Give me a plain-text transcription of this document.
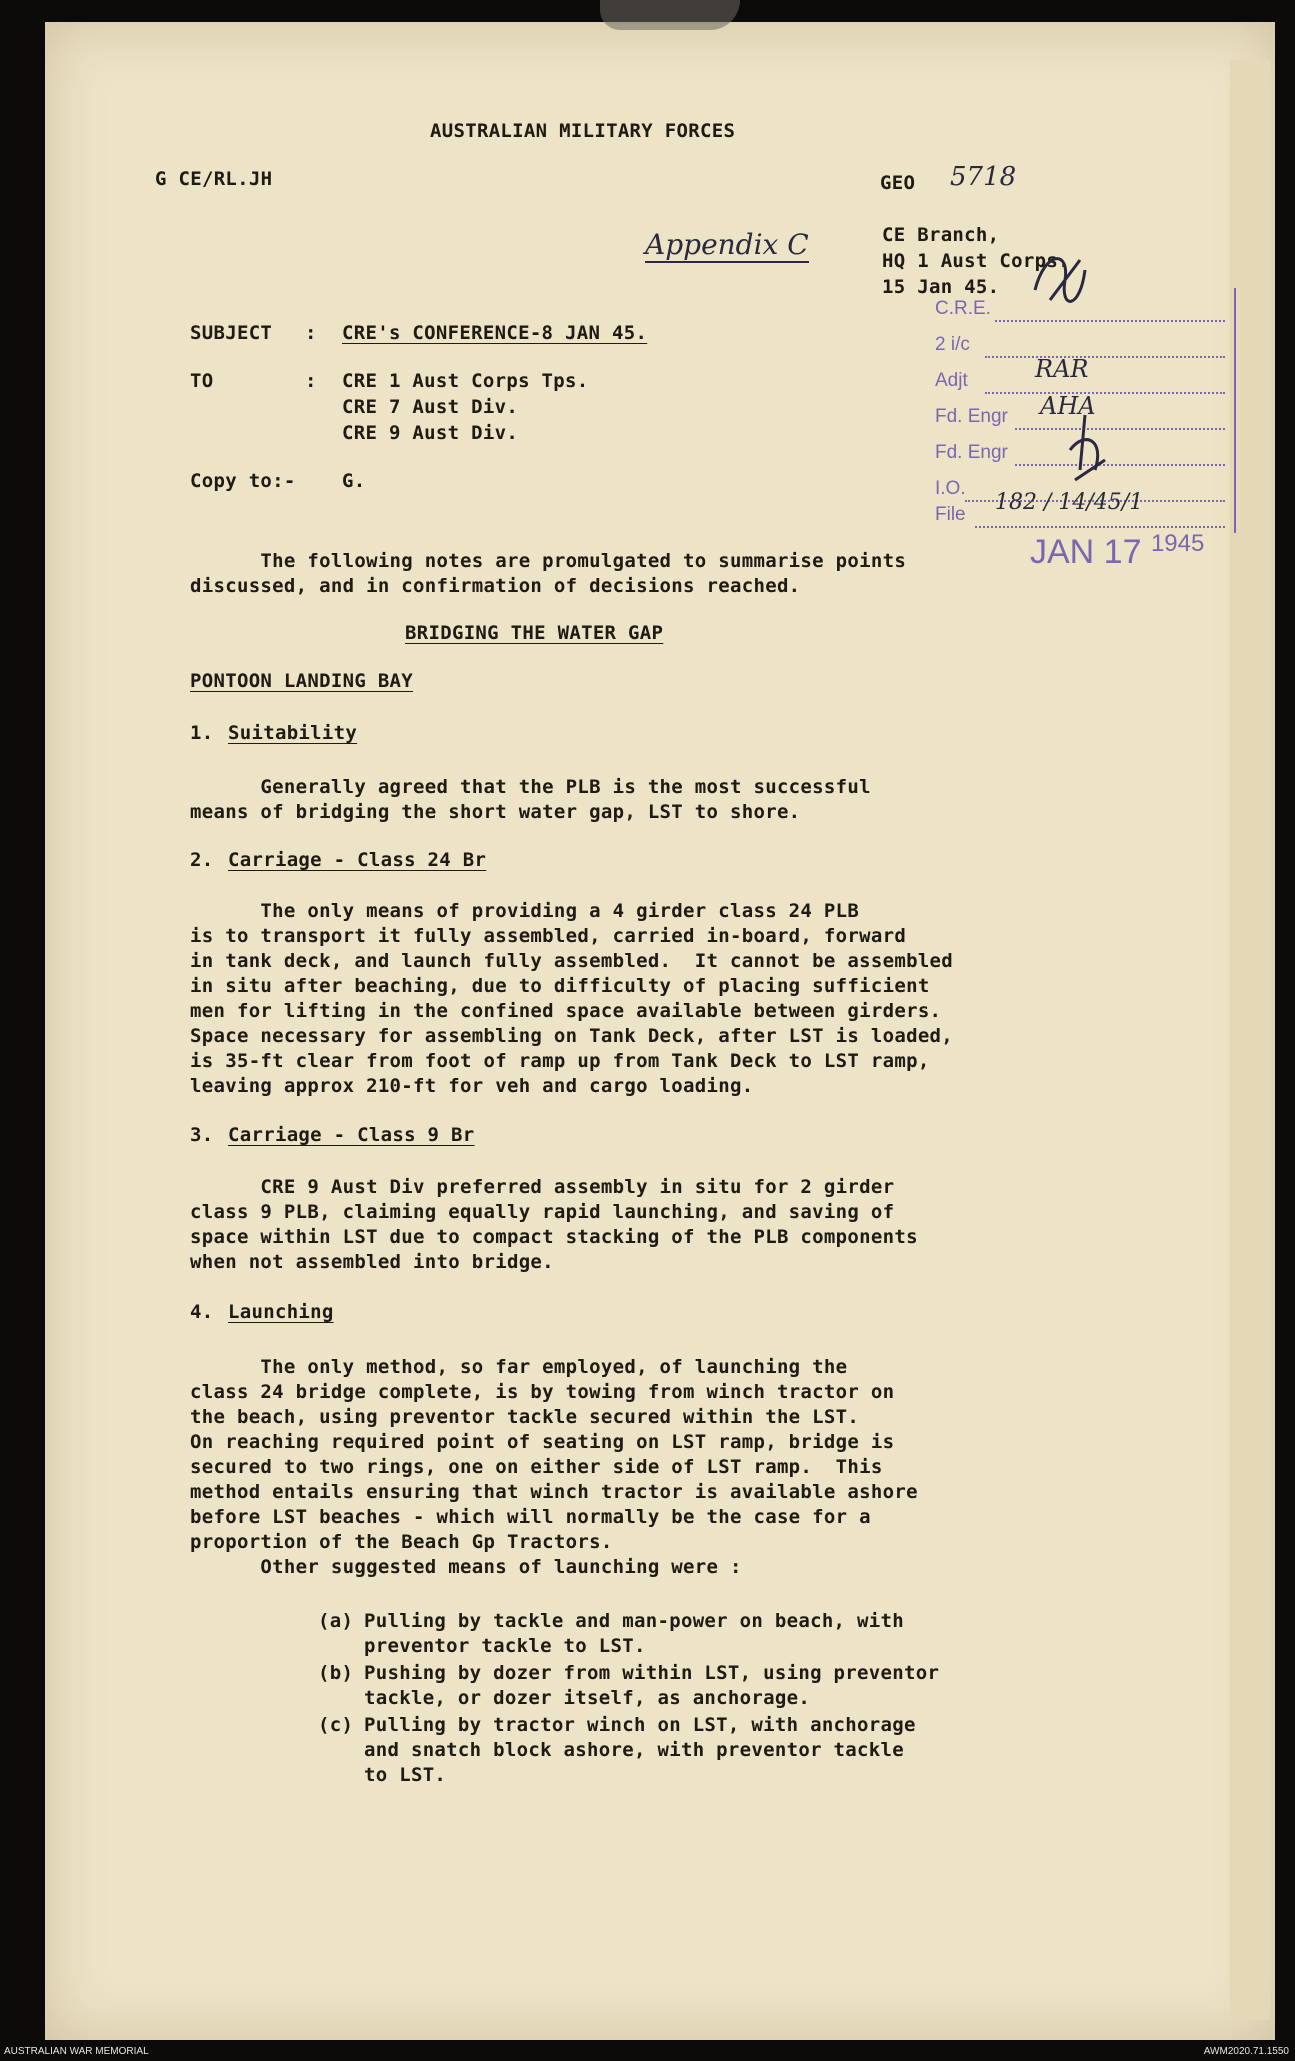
AUSTRALIAN MILITARY FORCES
G CE/RL.JH	GEO 5718
Appendix C	CE Branch,
HQ 1 Aust Corps.
15 Jan 45.
C.R.E.
2 i/c
Adjt	RAR
Fd. Engr AHA
Fd. Engr
I.O.
File 182 / 14/45/1
JAN 17 $^{1945}$
SUBJECT : CRE's CONFERENCE-8 JAN 45.
TO	: CRE 1 Aust Corps Tps.
CRE 7 Aust Div.
CRE 9 Aust Div.
Copy to:- G.
The following notes are promulgated to summarise points
discussed, and in confirmation of decisions reached.
BRIDGING THE WATER GAP
PONTOON LANDING BAY
1. Suitability
Generally agreed that the PLB is the most successful
means of bridging the short water gap, LST to shore.
2. Carriage - Class 24 Br
The only means of providing a 4 girder class 24 PLB
is to transport it fully assembled, carried in-board, forward
in tank deck, and launch fully assembled.  It cannot be assembled
in situ after beaching, due to difficulty of placing sufficient
men for lifting in the confined space available between girders.
Space necessary for assembling on Tank Deck, after LST is loaded,
is 35-ft clear from foot of ramp up from Tank Deck to LST ramp,
leaving approx 210-ft for veh and cargo loading.
3. Carriage - Class 9 Br
CRE 9 Aust Div preferred assembly in situ for 2 girder
class 9 PLB, claiming equally rapid launching, and saving of
space within LST due to compact stacking of the PLB components
when not assembled into bridge.
4. Launching
The only method, so far employed, of launching the
class 24 bridge complete, is by towing from winch tractor on
the beach, using preventor tackle secured within the LST.
On reaching required point of seating on LST ramp, bridge is
secured to two rings, one on either side of LST ramp.  This
method entails ensuring that winch tractor is available ashore
before LST beaches - which will normally be the case for a
proportion of the Beach Gp Tractors.
Other suggested means of launching were :
(a) Pulling by tackle and man-power on beach, with
preventor tackle to LST.
(b) Pushing by dozer from within LST, using preventor
tackle, or dozer itself, as anchorage.
(c) Pulling by tractor winch on LST, with anchorage
and snatch block ashore, with preventor tackle
to LST.
AUSTRALIAN WAR MEMORIAL	AWM2020.71.1550
